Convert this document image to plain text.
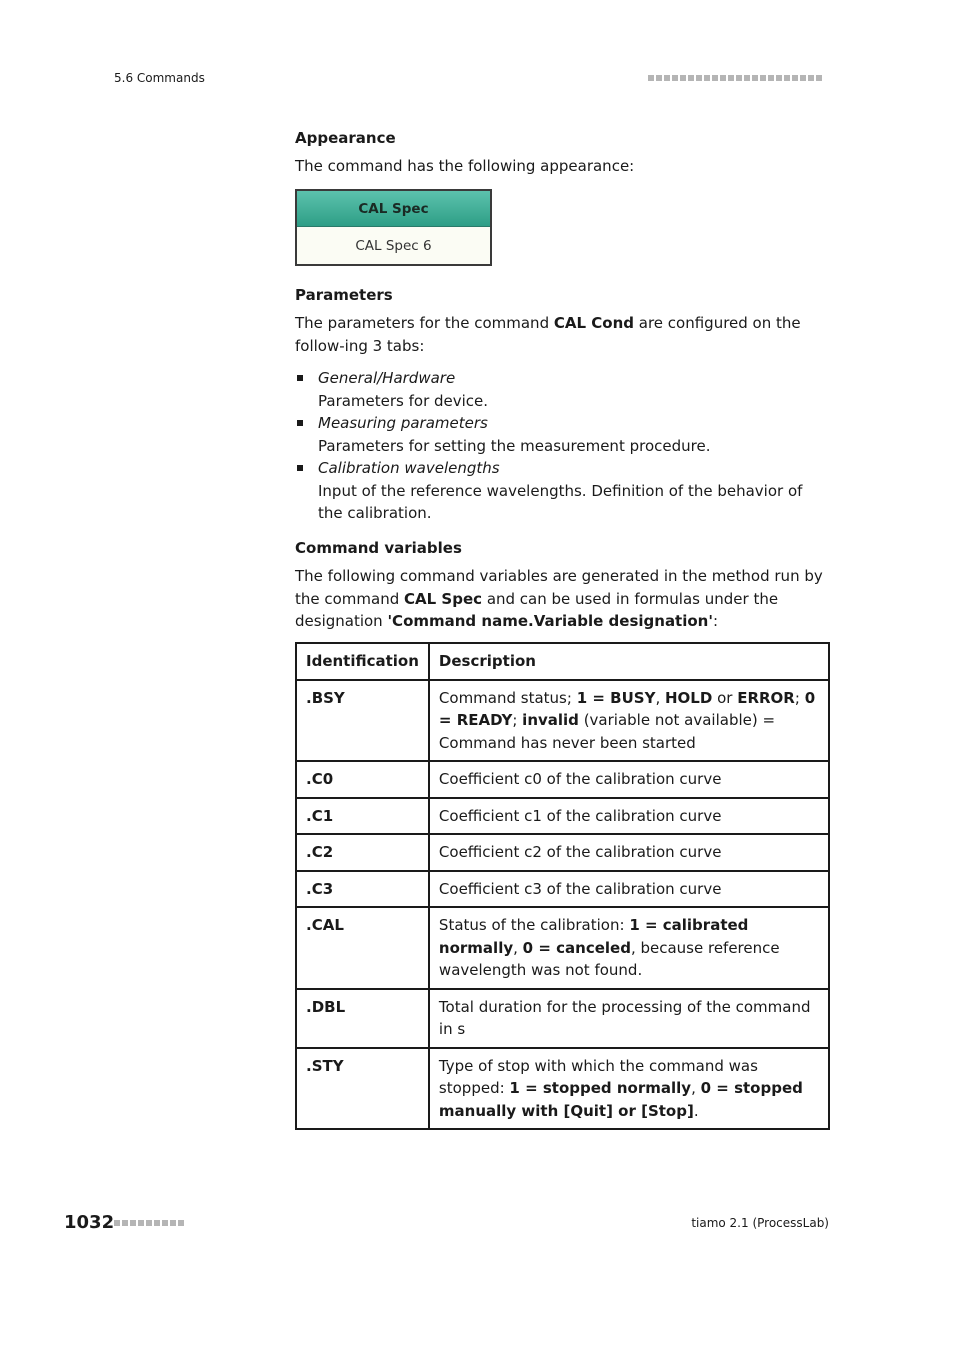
5.6 Commands
Appearance
The command has the following appearance:
CAL Spec
CAL Spec 6
Parameters
The parameters for the command CAL Cond are configured on the follow-ing 3 tabs:
General/Hardware
Parameters for device.
Measuring parameters
Parameters for setting the measurement procedure.
Calibration wavelengths
Input of the reference wavelengths. Definition of the behavior of the calibration.
Command variables
The following command variables are generated in the method run by the command CAL Spec and can be used in formulas under the designation 'Command name.Variable designation':
Identification	Description
.BSY	Command status; 1 = BUSY, HOLD or ERROR; 0 = READY; invalid (variable not available) = Command has never been started
.C0	Coefficient c0 of the calibration curve
.C1	Coefficient c1 of the calibration curve
.C2	Coefficient c2 of the calibration curve
.C3	Coefficient c3 of the calibration curve
.CAL	Status of the calibration: 1 = calibrated normally, 0 = canceled, because reference wavelength was not found.
.DBL	Total duration for the processing of the command in s
.STY	Type of stop with which the command was stopped: 1 = stopped normally, 0 = stopped manually with [Quit] or [Stop].
1032	tiamo 2.1 (ProcessLab)
